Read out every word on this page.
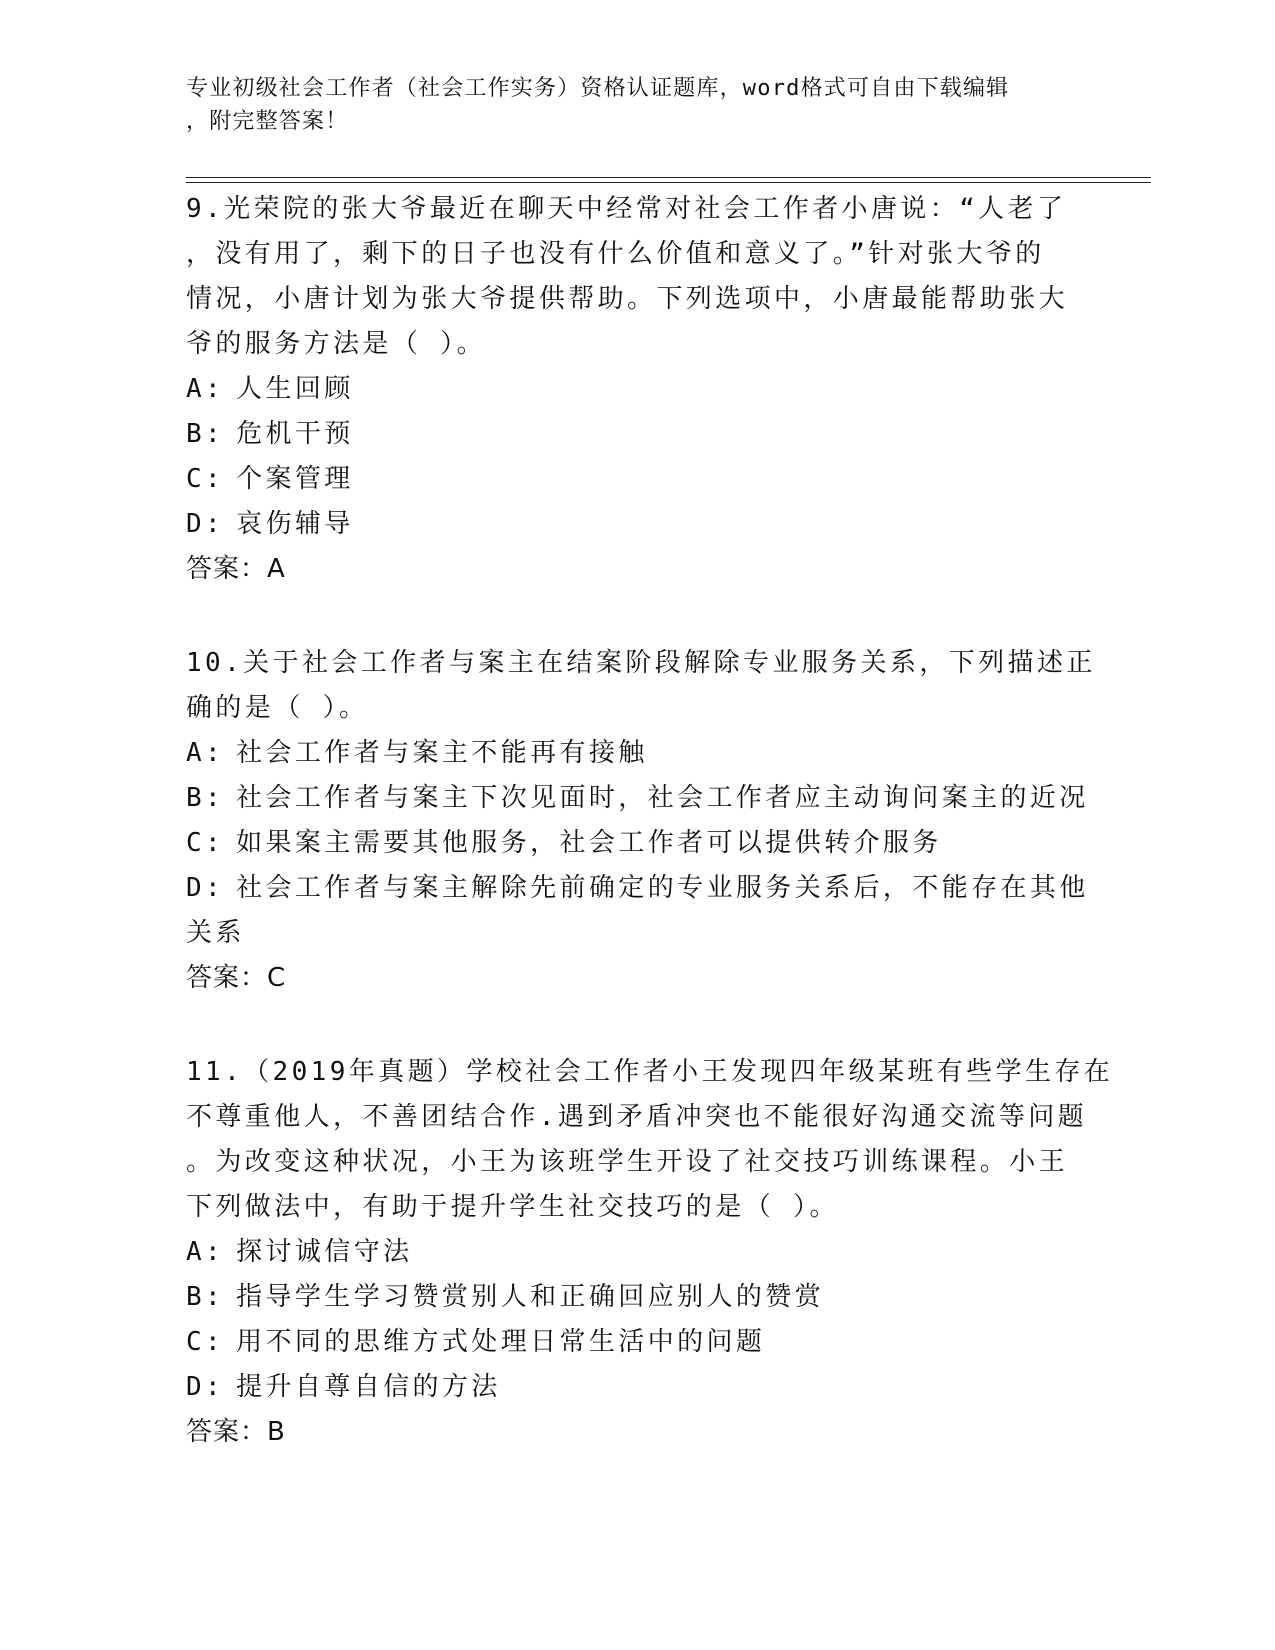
专业初级社会工作者（社会工作实务）资格认证题库，word格式可自由下载编辑
，附完整答案！
9.光荣院的张大爷最近在聊天中经常对社会工作者小唐说：“人老了
，没有用了，剩下的日子也没有什么价值和意义了。”针对张大爷的
情况，小唐计划为张大爷提供帮助。下列选项中，小唐最能帮助张大
爷的服务方法是（ ）。
A: 人生回顾
B: 危机干预
C: 个案管理
D: 哀伤辅导
答案：A
10.关于社会工作者与案主在结案阶段解除专业服务关系，下列描述正
确的是（ ）。
A: 社会工作者与案主不能再有接触
B: 社会工作者与案主下次见面时，社会工作者应主动询问案主的近况
C: 如果案主需要其他服务，社会工作者可以提供转介服务
D: 社会工作者与案主解除先前确定的专业服务关系后，不能存在其他
关系
答案：C
11.（2019年真题）学校社会工作者小王发现四年级某班有些学生存在
不尊重他人，不善团结合作.遇到矛盾冲突也不能很好沟通交流等问题
。为改变这种状况，小王为该班学生开设了社交技巧训练课程。小王
下列做法中，有助于提升学生社交技巧的是（ ）。
A: 探讨诚信守法
B: 指导学生学习赞赏别人和正确回应别人的赞赏
C: 用不同的思维方式处理日常生活中的问题
D: 提升自尊自信的方法
答案：B
